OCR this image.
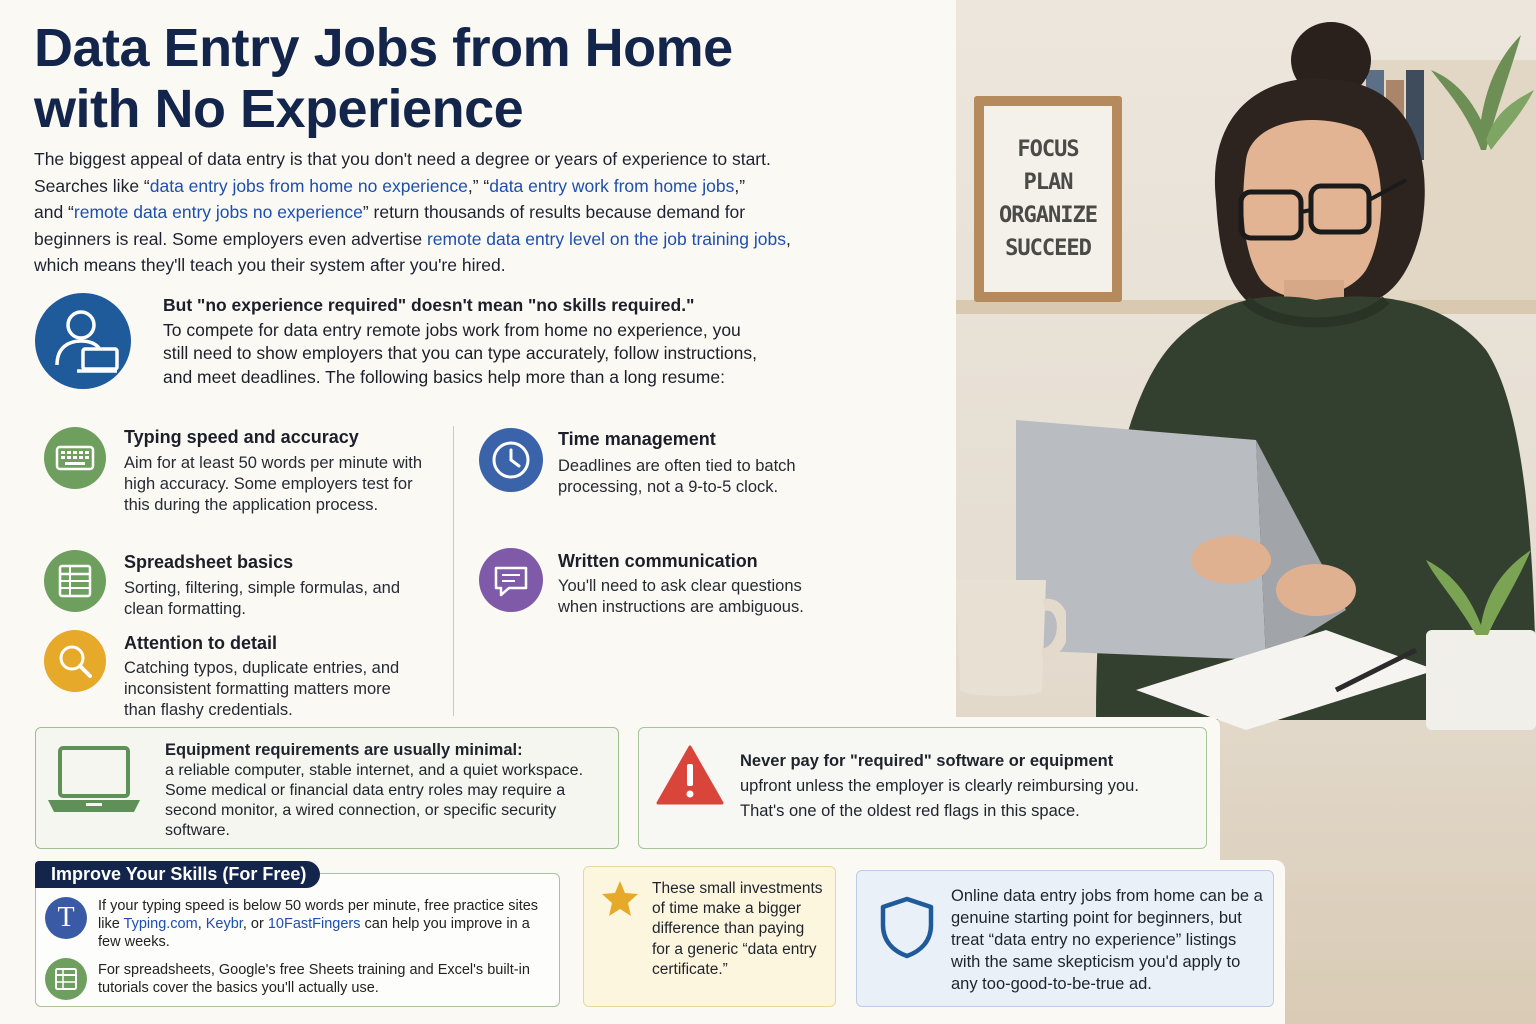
FOCUS
PLAN
ORGANIZE
SUCCEED
Data Entry Jobs from Home
with No Experience
The biggest appeal of data entry is that you don't need a degree or years of experience to start.
Searches like “data entry jobs from home no experience,” “data entry work from home jobs,”
and “remote data entry jobs no experience” return thousands of results because demand for
beginners is real. Some employers even advertise remote data entry level on the job training jobs,
which means they'll teach you their system after you're hired.
But "no experience required" doesn't mean "no skills required."
To compete for data entry remote jobs work from home no experience, you still need to show employers that you can type accurately, follow instructions, and meet deadlines. The following basics help more than a long resume:
Typing speed and accuracy
Aim for at least 50 words per minute with high accuracy. Some employers test for this during the application process.
Spreadsheet basics
Sorting, filtering, simple formulas, and clean formatting.
Attention to detail
Catching typos, duplicate entries, and inconsistent formatting matters more than flashy credentials.
Time management
Deadlines are often tied to batch processing, not a 9-to-5 clock.
Written communication
You'll need to ask clear questions when instructions are ambiguous.
Equipment requirements are usually minimal:
a reliable computer, stable internet, and a quiet workspace. Some medical or financial data entry roles may require a second monitor, a wired connection, or specific security software.
Never pay for "required" software or equipment
upfront unless the employer is clearly reimbursing you.
That's one of the oldest red flags in this space.
T	If your typing speed is below 50 words per minute, free practice sites like Typing.com, Keybr, or 10FastFingers can help you improve in a few weeks.
For spreadsheets, Google's free Sheets training and Excel's built-in tutorials cover the basics you'll actually use.
Improve Your Skills (For Free)
These small investments of time make a bigger difference than paying for a generic “data entry certificate.”
Online data entry jobs from home can be a genuine starting point for beginners, but treat “data entry no experience” listings with the same skepticism you'd apply to any too-good-to-be-true ad.
